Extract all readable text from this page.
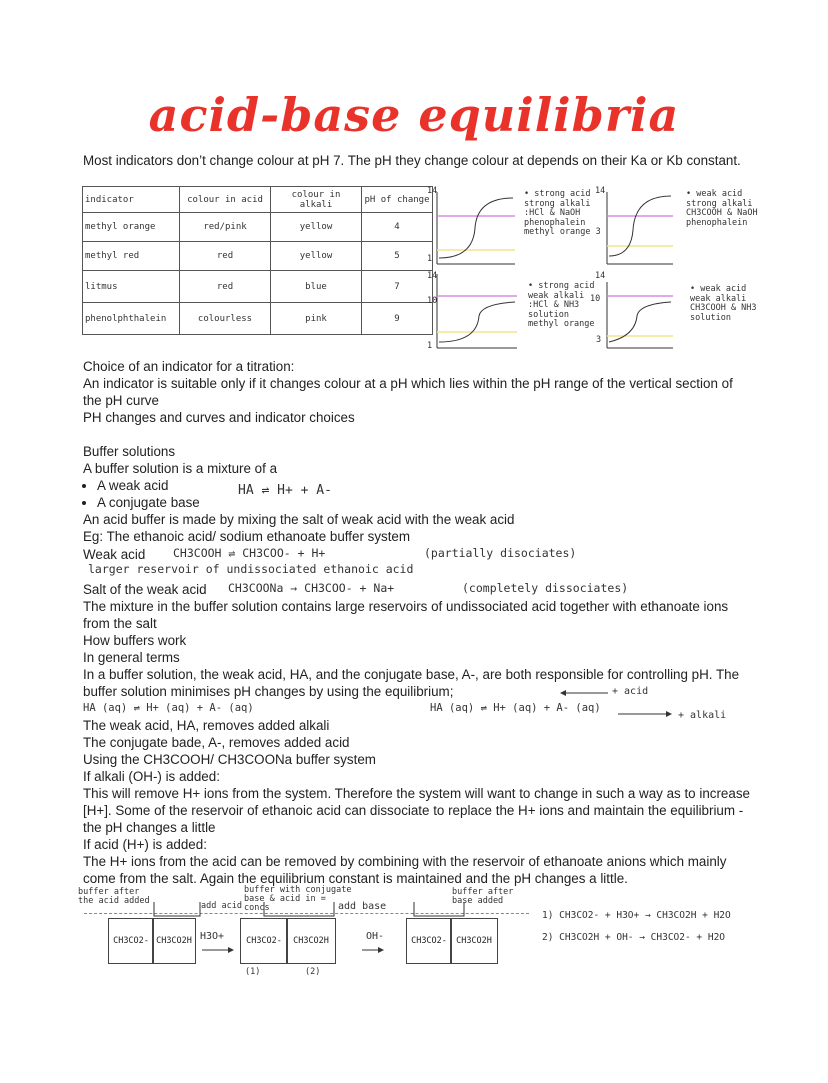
acid-base equilibria
Most indicators don’t change colour at pH 7. The pH they change colour at depends on their Ka or Kb constant.
indicator	colour in acid	colour in alkali	pH of change
methyl orange	red/pink	yellow	4
methyl red	red	yellow	5
litmus	red	blue	7
phenolphthalein	colourless	pink	9
14
1
14
10
1
• strong acid
strong alkali
:HCl & NaOH
phenophalein
methyl orange 3
14	• weak acid
strong alkali
CH3COOH & NaOH
phenophalein
• strong acid
weak alkali
:HCl & NH3
solution
methyl orange
14
10
3
• weak acid
weak alkali
CH3COOH & NH3
solution

Choice of an indicator for a titration:

An indicator is suitable only if it changes colour at a pH which lies within the pH range of the vertical section of the pH curve

PH changes and curves and indicator choices

Buffer solutions

A buffer solution is a mixture of a

• A weak acid
• A conjugate base

An acid buffer is made by mixing the salt of weak acid with the weak acid

Eg: The ethanoic acid/ sodium ethanoate buffer system

HA ⇌ H+ + A-
Weak acid CH3COOH ⇌ CH3COO- + H+	(partially disociates)
larger reservoir of undissociated ethanoic acid
Salt of the weak acid CH3COONa → CH3COO- + Na+	(completely dissociates)

The mixture in the buffer solution contains large reservoirs of undissociated acid together with ethanoate ions from the salt

How buffers work

In general terms

In a buffer solution, the weak acid, HA, and the conjugate base, A-, are both responsible for controlling pH. The buffer solution minimises pH changes by using the equilibrium;

HA (aq) ⇌ H+ (aq) + A- (aq)
+ acid
HA (aq) ⇌ H+ (aq) + A- (aq)
+ alkali

The weak acid, HA, removes added alkali

The conjugate bade, A-, removes added acid

Using the CH3COOH/ CH3COONa buffer system

If alkali (OH-) is added:

This will remove H+ ions from the system. Therefore the system will want to change in such a way as to increase [H+]. Some of the reservoir of ethanoic acid can dissociate to replace the H+ ions and maintain the equilibrium - the pH changes a little

If acid (H+) is added:

The H+ ions from the acid can be removed by combining with the reservoir of ethanoate anions which mainly come from the salt. Again the equilibrium constant is maintained and the pH changes a little.

buffer after the acid added
buffer with conjugate base & acid in = concs
buffer after base added
add acid	add base
CH3CO2- CH3CO2H H3O+	CH3CO2-	CH3CO2H	OH-	CH3CO2-	CH3CO2H
(1)	(2)
1) CH3CO2- + H3O+ → CH3CO2H + H2O
2) CH3CO2H + OH- → CH3CO2- + H2O
